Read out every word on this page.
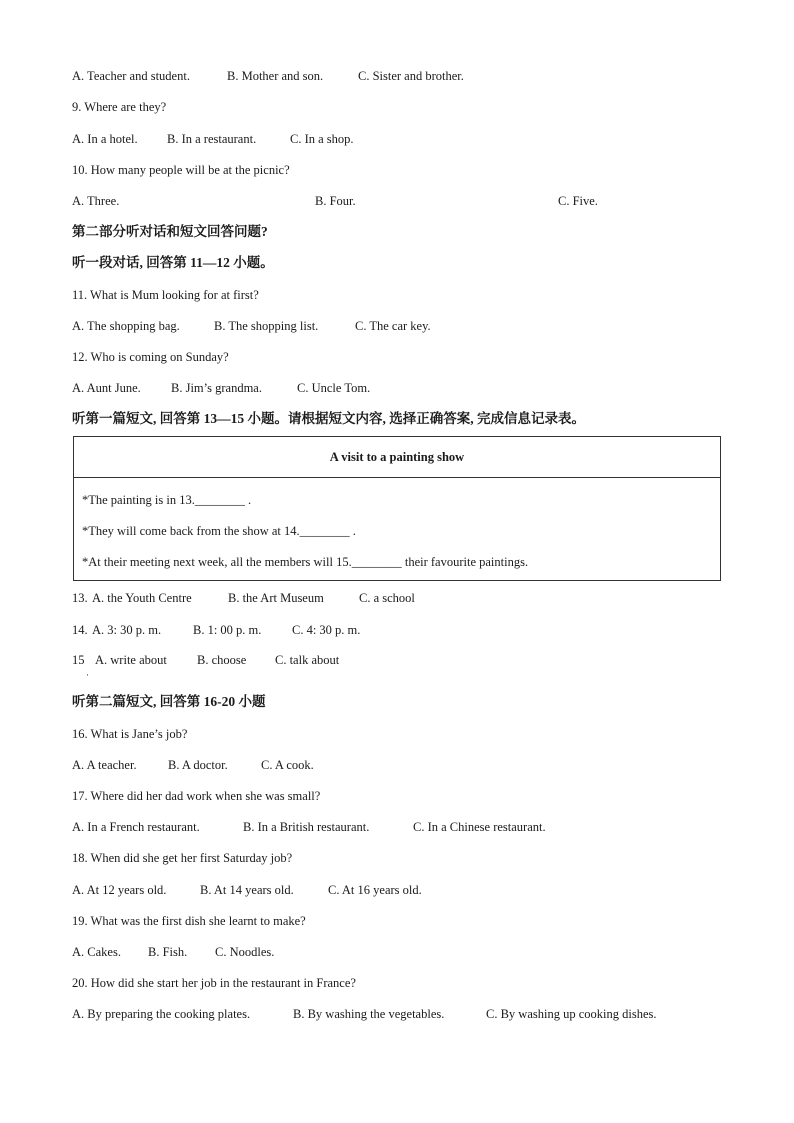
A. Teacher and student.	B. Mother and son.	C. Sister and brother.
9. Where are they?
A. In a hotel. B. In a restaurant.	C. In a shop.
10. How many people will be at the picnic?
A. Three.	B. Four.	C. Five.
第二部分听对话和短文回答问题?
听一段对话, 回答第 11—12 小题。
11. What is Mum looking for at first?
A. The shopping bag.	B. The shopping list.	C. The car key.
12. Who is coming on Sunday?
A. Aunt June. B. Jim’s grandma.	C. Uncle Tom.
听第一篇短文, 回答第 13—15 小题。请根据短文内容, 选择正确答案, 完成信息记录表。
A visit to a painting show
*The painting is in 13.________ .
*They will come back from the show at 14.________ .
*At their meeting next week, all the members will 15.________ their favourite paintings.
13. A. the Youth Centre	B. the Art Museum	C. a school
14. A. 3: 30 p. m.	B. 1: 00 p. m. C. 4: 30 p. m.
15 A. write about B. choose C. talk about
·
听第二篇短文, 回答第 16-20 小题
16. What is Jane’s job?
A. A teacher.	B. A doctor.	C. A cook.
17. Where did her dad work when she was small?
A. In a French restaurant.	B. In a British restaurant.	C. In a Chinese restaurant.
18. When did she get her first Saturday job?
A. At 12 years old.	B. At 14 years old.	C. At 16 years old.
19. What was the first dish she learnt to make?
A. Cakes. B. Fish. C. Noodles.
20. How did she start her job in the restaurant in France?
A. By preparing the cooking plates.	B. By washing the vegetables.	C. By washing up cooking dishes.
